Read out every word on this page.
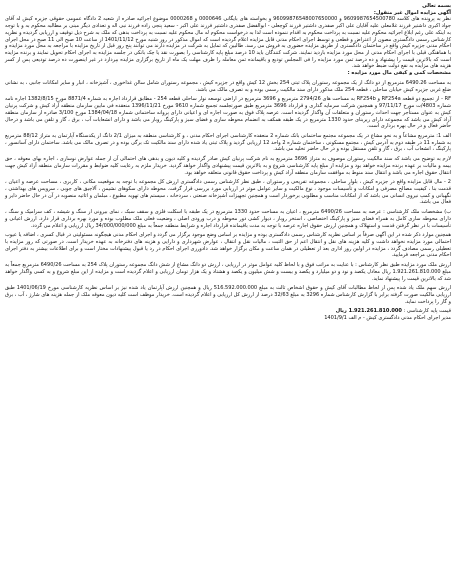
بسمه تعالی

آگهی مزایده اموال غیر منقول:

نظر به پرونده های کلاسه 9609987654500780 و 96099876548007650000 و بخواسته های بایگانی 0000646 و 0000268 موضوع اجرائیه صادره از شعبه 2 دادگاه عمومی حقوقی جزیره کیش له آقای جواد اکبری داشتیر فرزند غلامعلی علیه آقایان علی اکبر صفدری داشتیر فرزند کوچعلی - ابوالفضل صفدری داشتیر فرزند علی اکبر - سعید پنجی زاده فرزند نبی اله و تعدادی دیگر مبنی بر مطالبه محکوم به و با توجه به اینکه علی رغم ابلاغ اجرائیه محکوم علیه نسبت به پرداخت محکوم به اقدام ننموده است لذا به درخواست محکوم له مال محکوم علیه نسبت به پرداخت بدهی که ملک به شرح ذیل توقیف و ارزیابی گردیده و نظریه کارشناس رسمی دادگستری مصون از اعتراض و قطعی و توسط اجرای احکام مدنی قابل مزایده اعلام گردیده است که اموال مذکور در روز شنبه مورخ 1401/11/12 از ساعت 10 صبح الی 11 صبح در محل اجرای احکام مدنی جزیره کیش واقع در ساختمان دادگستری از طریق مزایده حضوری به فروش می رسد. طالبین که تمایل به شرکت در مزایده دارند می توانند پنج روز قبل از تاریخ مزایده با مراجعه به محل مورد مزایده و با هماهنگی قبلی با اجرای احکام مدنی از محل مورد مزایده بازدید نمایند. شرکت کنندگان باید 10 درصد مبلغ پایه کارشناسی را بصورت نقد یا چک بانکی در جلسه مزایده به اجرای احکام تحویل نمایند و برنده مزایده است که بالاترین قیمت را پیشنهاد و ده درصد ثمن مورد مزایده را فی المجلس تودیع و باقیمانده ثمن معامله را ظرف مهلت یک ماه از تاریخ برگزاری مزایده بپردازد در غیر اینصورت ده درصد تودیعی پس از کسر هزینه های مزایده به نفع دولت ضبط خواهد شد.

مشخصات کمی و کیفی مال مورد مزایده :

به مساحت 6490.26 مترمربع از دو دانگ از یک مجموعه رستوران پلاک ثبتی 254 بخش 12 کیش واقع در جزیره کیش ، مجموعه رستوران شامل سالن غذاخوری ، آشپزخانه ، انبار و سایر امکانات جانبی ، به نشانی ضلع غربی جزیره کیش خیابان ساحلی ، قطعه 254 ملک مذکور دارای سند مالکیت رسمی بوده و به تصرف مالک می باشد.

RF - از تجمیع دو قطعه RF254a و RF254b به مساحت های 2794/26 مترمربع و 3696 مترمربع در اراضی توسعه نوار ساحلی قطعه 254 - مطابق قرارداد اجاره به شماره 8871/4 مورخ 1382/8/15 اجاره نامه شماره 4803/ت مورخ 97/11/17 و همچنین شرکت سرمایه گذاری و قرارداد 3696 مترمربع طبق صورتجلسه تجمیع شماره 9610 مورخ 1396/11/21 منعقده فی مابین سازمان منطقه آزاد کیش و شرکت پرنیان کیش به عنوان مستأجر جهت احداث رستوران و متعلقات آن واگذار گردیده است. عرصه پلاک فوق به صورت اجاره ای و اعیانی دارای پروانه ساختمانی شماره 1384/04/18 مورخ 3/100 صادره از سازمان منطقه آزاد کیش می باشد که مجموعه دارای زیربنای حدود 1330 مترمربع در یک طبقه همکف به انضمام محوطه سازی و فضای سبز و پارکینگ روباز می باشد و دارای انشعابات آب ، برق ، گاز و تلفن می باشد و درحال حاضر فعال و در حال بهره برداری است.

الف 1: مترمربع مشاعاً و به نحو مشاع در یک مجموعه مجتمع ساختمانی بانک شماره 2 منعقده کارشناسی اجرای احکام مدنی ، و کارشناسی منطقه به میزان 2/1 دانگ از یکدستگاه آپارتمان به متراژ 88/12 مترمربع به شماره 11 در طبقه دوم به آدرس کیش ، مجتمع مسکونی ، ساختمان شماره 2 واحد 12 ارزیابی گردید و پلاک ثبتی یاد شده دارای سند مالکیت تک برگی بوده و در تصرف مالک می باشد. ساختمان دارای آسانسور ، پارکینگ ، انشعاب آب ، برق ، گاز و تلفن مستقل بوده و در حال حاضر تخلیه می باشد.

لازم به توضیح می باشد که سند مالکیت رستوران موصوف به متراژ 3696 مترمربع به نام شرکت پرنیان کیش صادر گردیده و کلیه دیون و بدهی های احتمالی آن از جمله عوارض نوسازی ، اجاره بهای معوقه ، حق بیمه و مالیات بر عهده برنده مزایده خواهد بود و مزایده از مبلغ پایه کارشناسی شروع و به بالاترین قیمت پیشنهادی واگذار خواهد گردید. خریدار ملزم به رعایت کلیه ضوابط و مقررات سازمان منطقه آزاد کیش جهت انتقال حقوق اجاره می باشد و انتقال سند منوط به موافقت سازمان منطقه آزاد کیش و پرداخت حقوق قانونی متعلقه خواهد بود.

2 - مال قابل مزایده واقع در جزیره کیش ، بلوار ساحلی ، مجموعه تفریحی و رستوران ، طبق نظر کارشناس رسمی دادگستری ارزش کل مجموعه با توجه به موقعیت مکانی ، کاربری ، مساحت عرصه و اعیان ، قدمت بنا ، کیفیت مصالح مصرفی و امکانات و تأسیسات موجود ، نوع مالکیت و سایر عوامل موثر در ارزیابی مورد بررسی قرار گرفت. محوطه دارای سکوهای نشیمن ، آلاچیق های چوبی ، سرویس های بهداشتی ، نگهبانی و کمپ نیروی انسانی می باشد که از امکانات مناسب و مطلوبی برخوردار است و همچنین تجهیزات آشپزخانه صنعتی ، سردخانه ، سیستم های تهویه مطبوع ، مبلمان و اثاثیه منصوبه در آن در حال حاضر دایر و فعال می باشد.

ب) مشخصات ملک کارشناسی : عرصه به مساحت 6490/26 مترمربع ، اعیان به مساحت حدود 1330 مترمربع در یک طبقه با اسکلت فلزی و سقف سبک ، نمای بیرونی از سنگ و شیشه ، کف سرامیک و سنگ ، دارای محوطه سازی کامل به همراه فضای سبز و پارکینگ اختصاصی ، استخر روباز ، دیوار کشی دور محوطه و درب ورودی اصلی ، وضعیت فعلی ملک مطلوب بوده و مورد بهره برداری قرار دارد. ارزش اعیانی و تأسیسات با در نظر گرفتن قدمت و استهلاک و همچنین ارزش حقوق اجاره عرصه با توجه به مدت باقیمانده قرارداد اجاره و شرایط منطقه جمعاً به مبلغ 34/000/000/000 ریال ارزیابی و اعلام می گردد.

همچنین موارد ذکر شده در این آگهی صرفاً بر اساس نظریه کارشناس رسمی دادگستری بوده و مزایده بر اساس وضع موجود برگزار می گردد و اجرای احکام مدنی هیچگونه مسئولیتی در قبال کسری ، اضافه یا عیوب احتمالی مورد مزایده نخواهد داشت و کلیه هزینه های نقل و انتقال اعم از حق الثبت ، مالیات نقل و انتقال ، عوارض شهرداری و دارایی و هزینه های دفترخانه به عهده خریدار است. در صورتی که روز مزایده با تعطیلی رسمی مصادف گردد ، مزایده در اولین روز اداری بعد از تعطیلی در همان ساعت و مکان برگزار خواهد شد. دادورزی اجرای احکام در رد یا قبول پیشنهادات مختار است و برای اطلاعات بیشتر به دفتر اجرای احکام مدنی مراجعه فرمایید.

ارزش ملک مورد مزایده طبق نظر کارشناس : با عنایت به مراتب فوق و با لحاظ کلیه عوامل موثر در ارزیابی ، ارزش دو دانگ مشاع از شش دانگ مجموعه رستوران پلاک 254 به مساحت 6490/26 مترمربع جمعاً به مبلغ 1.921.261.810.000 ریال معادل یکصد و نود و دو میلیارد و یکصد و بیست و شش میلیون و یکصد و هشتاد و یک هزار تومان ارزیابی و اعلام گردیده است و مزایده از این مبلغ شروع و به کسی واگذار خواهد شد که بالاترین قیمت را پیشنهاد نماید.

ارزش سهم ملک یاد شده پس از لحاظ مطالبات آقای کیش و حقوق اشخاص ثالث به مبلغ 516.592.000.000 ریال و همچنین ارزش آپارتمان یاد شده نیز بر اساس نظریه کارشناسی مورخ 1401/06/19 طبق ارزیابی مالکیت صورت گرفته برابر با گزارش کارشناس شماره 3296 به مبلغ 32/63 درصد از ارزش کل ارزیابی و اعلام گردیده است. خریدار موظف است کلیه دیون معوقه ملک از جمله هزینه های شارژ ، آب ، برق و گاز را پرداخت نماید.

قیمت پایه کارشناسی : 1.921.261.810.000 ریال

مدیر اجرای احکام مدنی دادگستری کیش - م الف 1401/9/1
